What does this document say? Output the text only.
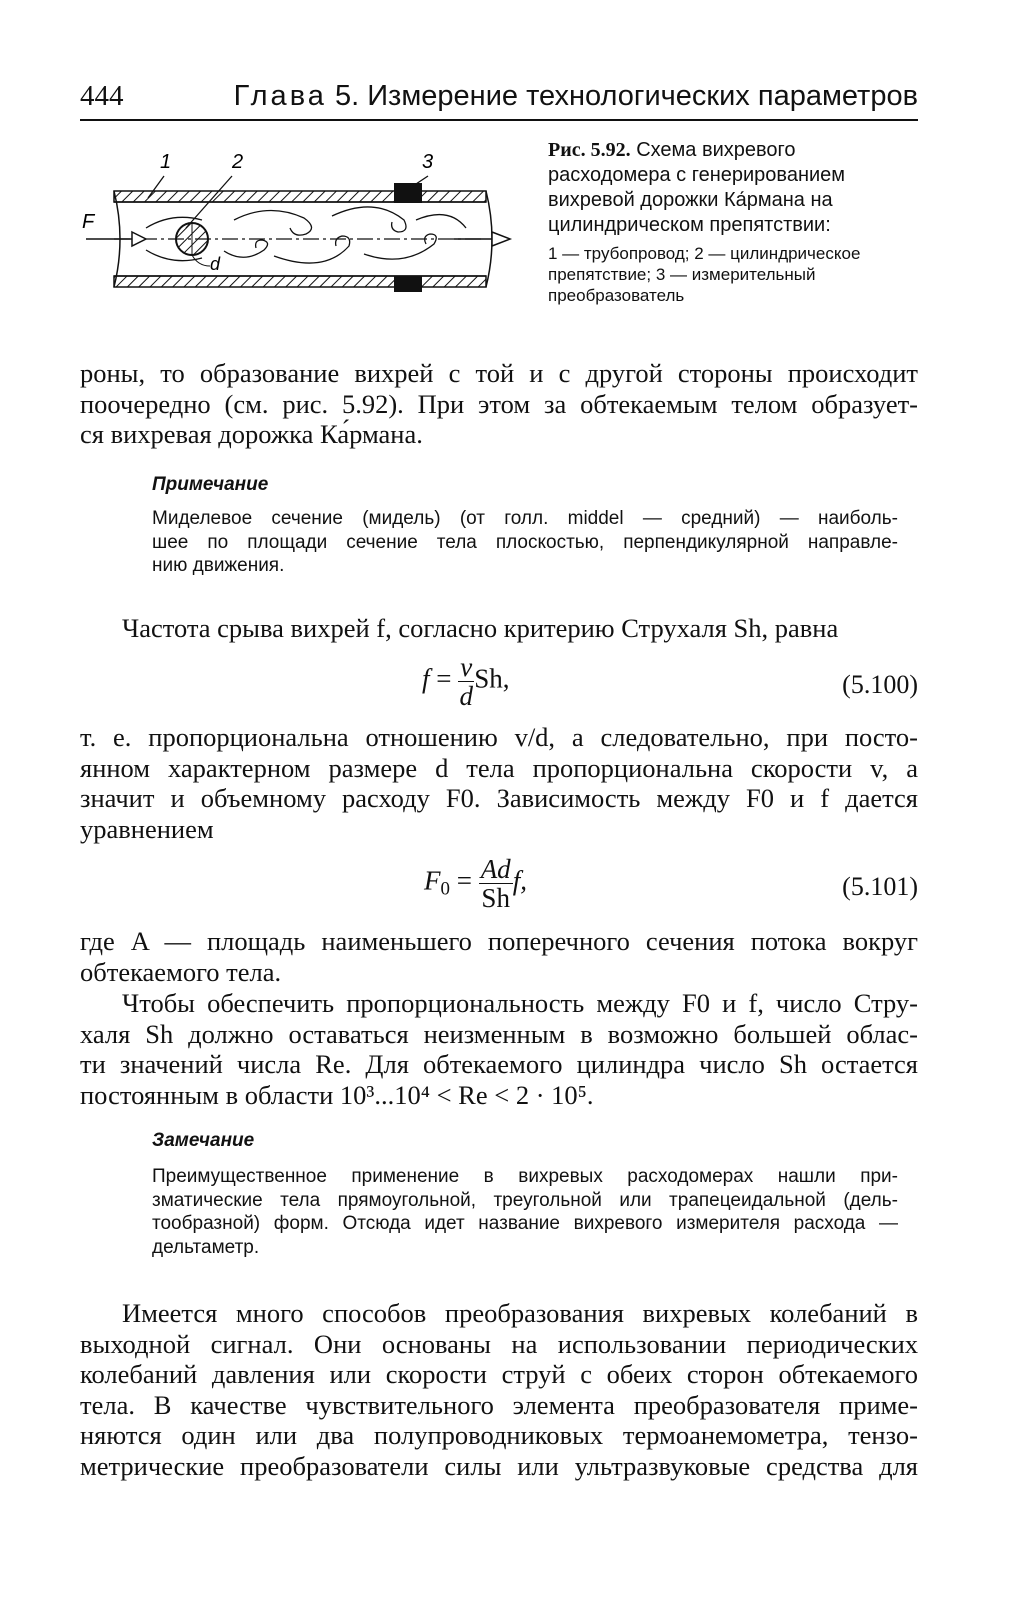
444	Глава 5. Измерение технологических параметров
1	2	3
F
d
Рис. 5.92. Схема вихревого расходомера с генерированием вихревой дорожки Ка́рмана на цилиндрическом препятствии:
1 — трубопровод; 2 — цилиндрическое препятствие; 3 — измерительный преобразователь
роны, то образование вихрей с той и с другой стороны происходит
поочередно (см. рис. 5.92). При этом за обтекаемым телом образует-
ся вихревая дорожка Ка́рмана.
Примечание
Миделевое сечение (мидель) (от голл. middel — средний) — наиболь-
шее по площади сечение тела плоскостью, перпендикулярной направле-
нию движения.
Частота срыва вихрей f, согласно критерию Струхаля Sh, равна
$f = \frac{v}{d} Sh$,	(5.100)
т. е. пропорциональна отношению v/d, а следовательно, при посто-
янном характерном размере d тела пропорциональна скорости v, а
значит и объемному расходу F0. Зависимость между F0 и f дается
уравнением
$F_0 = \frac{Ad}{Sh} f$,	(5.101)
где A — площадь наименьшего поперечного сечения потока вокруг
обтекаемого тела.
Чтобы обеспечить пропорциональность между F0 и f, число Стру-
халя Sh должно оставаться неизменным в возможно большей облас-
ти значений числа Re. Для обтекаемого цилиндра число Sh остается
постоянным в области 10³...10⁴ < Re < 2 · 10⁵.
Замечание
Преимущественное применение в вихревых расходомерах нашли при-
зматические тела прямоугольной, треугольной или трапецеидальной (дель-
тообразной) форм. Отсюда идет название вихревого измерителя расхода —
дельтаметр.
Имеется много способов преобразования вихревых колебаний в
выходной сигнал. Они основаны на использовании периодических
колебаний давления или скорости струй с обеих сторон обтекаемого
тела. В качестве чувствительного элемента преобразователя приме-
няются один или два полупроводниковых термоанемометра, тензо-
метрические преобразователи силы или ультразвуковые средства для
